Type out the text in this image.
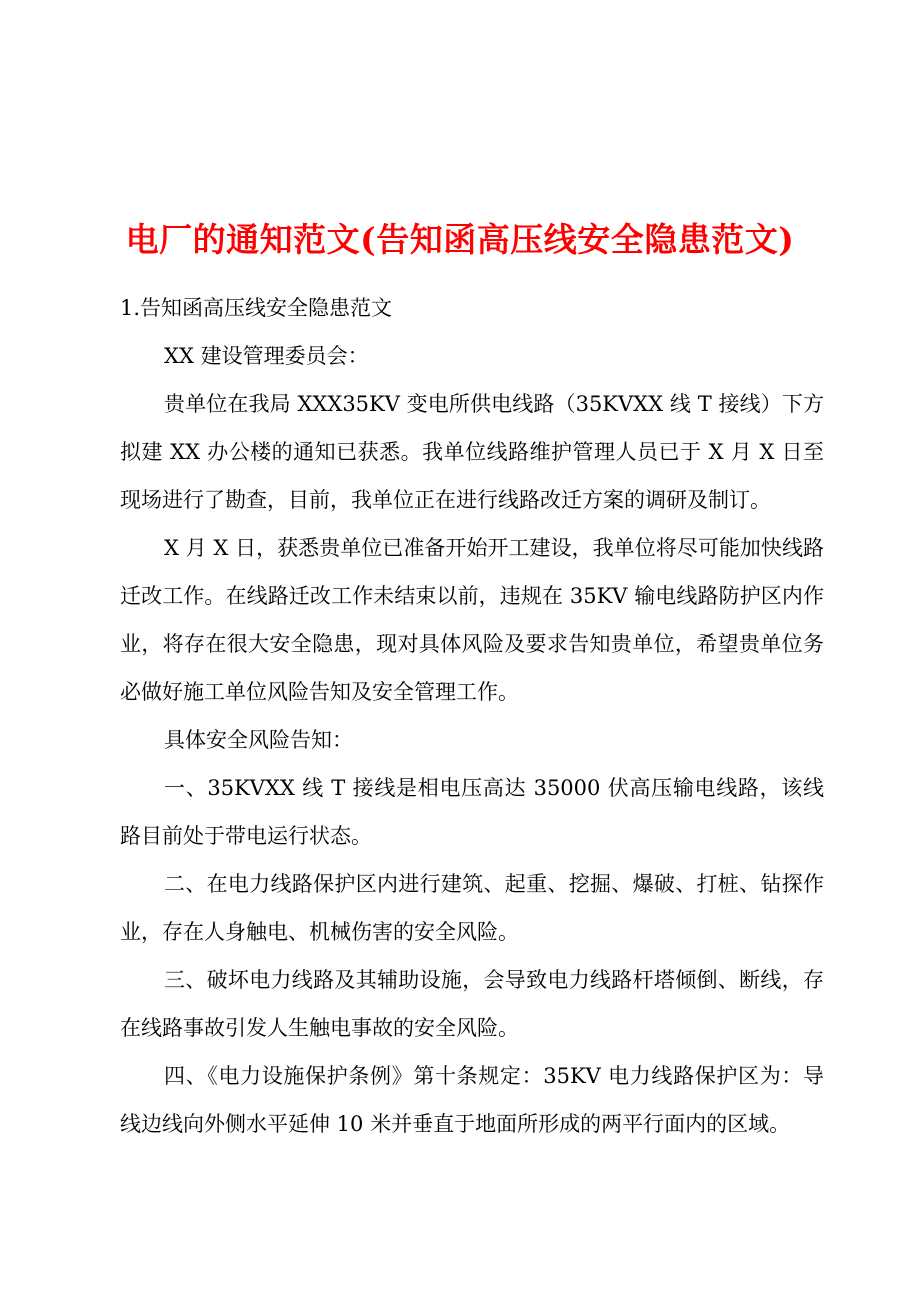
电厂的通知范文(告知函高压线安全隐患范文)

1.告知函高压线安全隐患范文

XX 建设管理委员会：

贵单位在我局 XXX35KV 变电所供电线路（35KVXX 线 T 接线）下方拟建 XX 办公楼的通知已获悉。我单位线路维护管理人员已于 X 月 X 日至现场进行了勘查，目前，我单位正在进行线路改迁方案的调研及制订。

X 月 X 日，获悉贵单位已准备开始开工建设，我单位将尽可能加快线路迁改工作。在线路迁改工作未结束以前，违规在 35KV 输电线路防护区内作业，将存在很大安全隐患，现对具体风险及要求告知贵单位，希望贵单位务必做好施工单位风险告知及安全管理工作。

具体安全风险告知：

一、35KVXX 线 T 接线是相电压高达 35000 伏高压输电线路，该线路目前处于带电运行状态。

二、在电力线路保护区内进行建筑、起重、挖掘、爆破、打桩、钻探作业，存在人身触电、机械伤害的安全风险。

三、破坏电力线路及其辅助设施，会导致电力线路杆塔倾倒、断线，存在线路事故引发人生触电事故的安全风险。

四、《电力设施保护条例》第十条规定：35KV 电力线路保护区为：导线边线向外侧水平延伸 10 米并垂直于地面所形成的两平行面内的区域。
